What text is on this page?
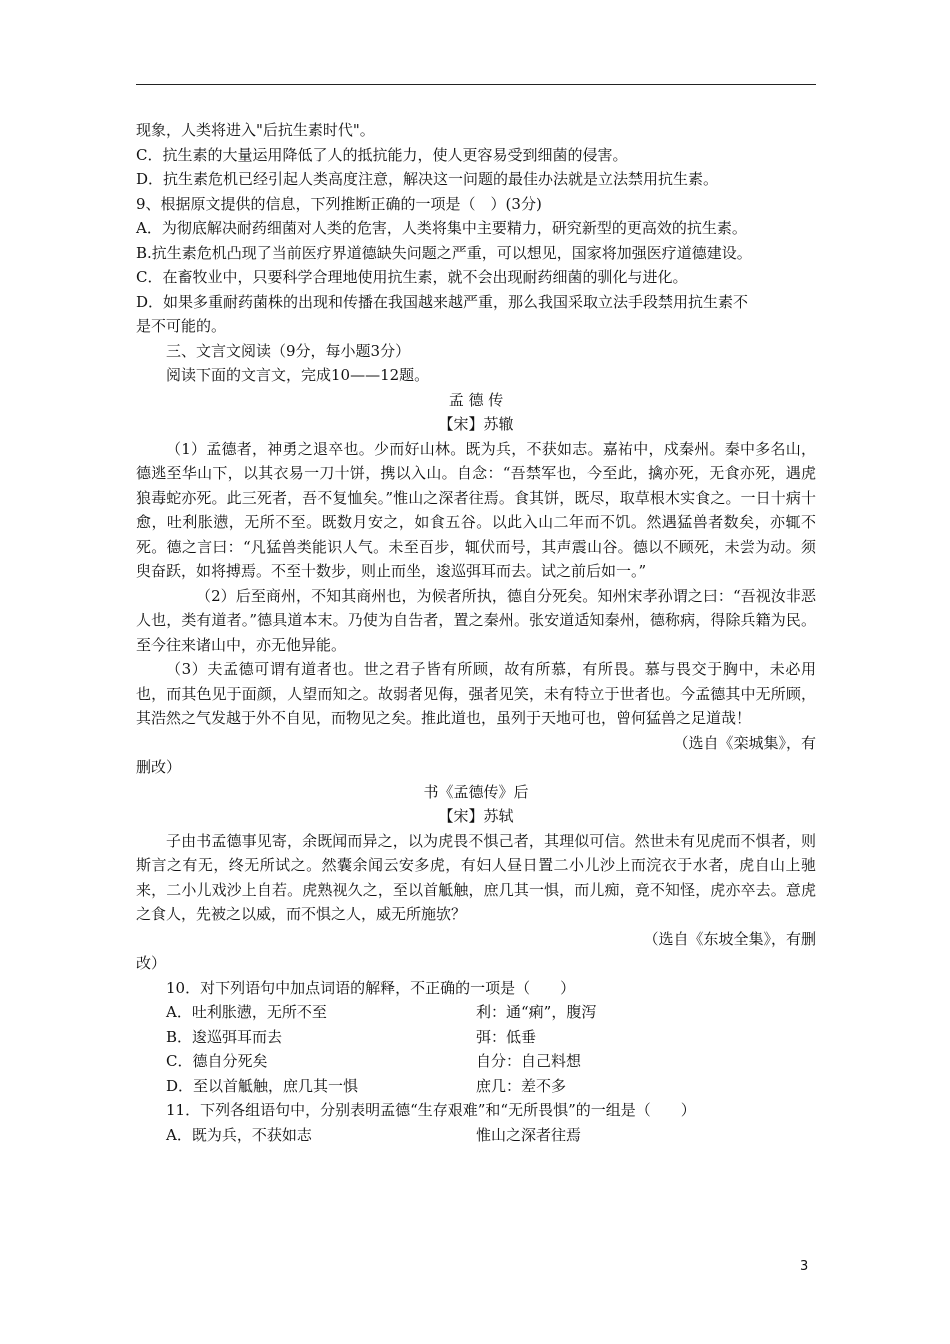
现象，人类将进入"后抗生素时代"。
C．抗生素的大量运用降低了人的抵抗能力，使人更容易受到细菌的侵害。
D．抗生素危机已经引起人类高度注意，解决这一问题的最佳办法就是立法禁用抗生素。
9、根据原文提供的信息，下列推断正确的一项是（　）(3分)
A．为彻底解决耐药细菌对人类的危害，人类将集中主要精力，研究新型的更高效的抗生素。
B.抗生素危机凸现了当前医疗界道德缺失问题之严重，可以想见，国家将加强医疗道德建设。
C．在畜牧业中，只要科学合理地使用抗生素，就不会出现耐药细菌的驯化与进化。
D．如果多重耐药菌株的出现和传播在我国越来越严重，那么我国采取立法手段禁用抗生素不
是不可能的。
三、文言文阅读（9分，每小题3分）
阅读下面的文言文，完成10——12题。
孟 德 传
【宋】苏辙
（1）孟德者，神勇之退卒也。少而好山林。既为兵，不获如志。嘉祐中，戍秦州。秦中多名山，德逃至华山下，以其衣易一刀十饼，携以入山。自念：“吾禁军也，今至此，擒亦死，无食亦死，遇虎狼毒蛇亦死。此三死者，吾不复恤矣。”惟山之深者往焉。食其饼，既尽，取草根木实食之。一日十病十愈，吐利胀懑，无所不至。既数月安之，如食五谷。以此入山二年而不饥。然遇猛兽者数矣，亦辄不死。德之言曰：“凡猛兽类能识人气。未至百步，辄伏而号，其声震山谷。德以不顾死，未尝为动。须臾奋跃，如将搏焉。不至十数步，则止而坐，逡巡弭耳而去。试之前后如一。”
（2）后至商州，不知其商州也，为候者所执，德自分死矣。知州宋孝孙谓之曰：“吾视汝非恶人也，类有道者。”德具道本末。乃使为自告者，置之秦州。张安道适知秦州，德称病，得除兵籍为民。至今往来诸山中，亦无他异能。
（3）夫孟德可谓有道者也。世之君子皆有所顾，故有所慕，有所畏。慕与畏交于胸中，未必用也，而其色见于面颜，人望而知之。故弱者见侮，强者见笑，未有特立于世者也。今孟德其中无所顾，其浩然之气发越于外不自见，而物见之矣。推此道也，虽列于天地可也，曾何猛兽之足道哉！
（选自《栾城集》，有
删改）
书《孟德传》后
【宋】苏轼
子由书孟德事见寄，余既闻而异之，以为虎畏不惧己者，其理似可信。然世未有见虎而不惧者，则斯言之有无，终无所试之。然囊余闻云安多虎，有妇人昼日置二小儿沙上而浣衣于水者，虎自山上驰来，二小儿戏沙上自若。虎熟视久之，至以首觝触，庶几其一惧，而儿痴，竟不知怪，虎亦卒去。意虎之食人，先被之以威，而不惧之人，威无所施欤？
（选自《东坡全集》，有删
改）
10．对下列语句中加点词语的解释，不正确的一项是（　　）
A．吐利胀懑，无所不至	利：通“痢”，腹泻
B．逡巡弭耳而去	弭：低垂
C．德自分死矣	自分：自己料想
D．至以首觝触，庶几其一惧	庶几：差不多
11．下列各组语句中，分别表明孟德“生存艰难”和“无所畏惧”的一组是（　　）
A．既为兵，不获如志	惟山之深者往焉
3
